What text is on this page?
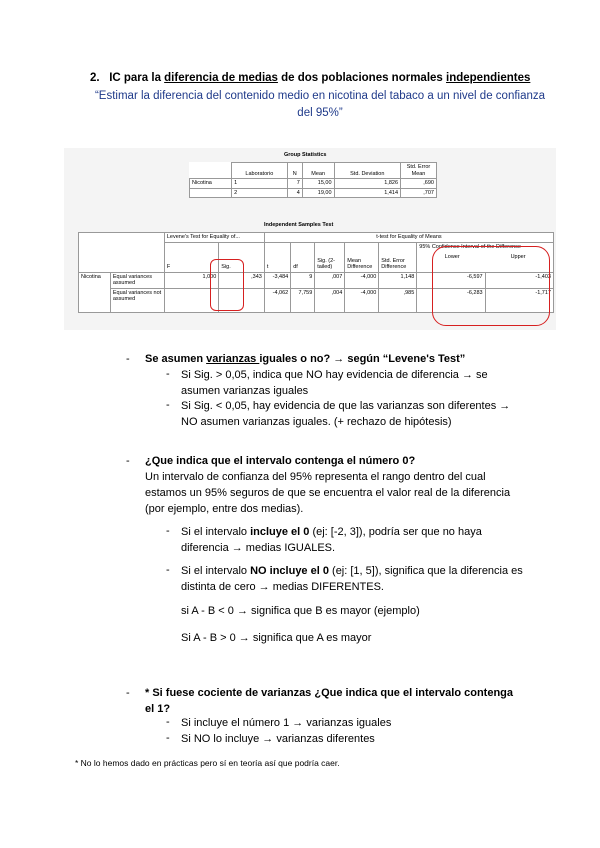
2. IC para la diferencia de medias de dos poblaciones normales independientes
“Estimar la diferencia del contenido medio en nicotina del tabaco a un nivel de confianza del 95%”
Group Statistics
	Laboratorio	N	Mean	Std. Deviation	Std. Error Mean
Nicotina	1	7	15,00	1,826	,690
	2	4	19,00	1,414	,707
Independent Samples Test
		Levene's Test for Equality of...		t-test for Equality of Means						
		F	Sig.	t	df	Sig. (2-tailed)	Mean Difference	Std. Error Difference	95% Confidence Interval of the Difference
Lower Upper	

Nicotina	Equal variances assumed	1,000	,343	-3,484	9	,007	-4,000	1,148	-6,597	-1,403
	Equal variances not assumed			-4,062	7,759	,004	-4,000	,985	-6,283	-1,717
- Se asumen varianzas iguales o no? → según “Levene's Test”
- Si Sig. > 0,05, indica que NO hay evidencia de diferencia → se asumen varianzas iguales
- Si Sig. < 0,05, hay evidencia de que las varianzas son diferentes → NO asumen varianzas iguales. (+ rechazo de hipótesis)
- ¿Que indica que el intervalo contenga el número 0?
Un intervalo de confianza del 95% representa el rango dentro del cual estamos un 95% seguros de que se encuentra el valor real de la diferencia (por ejemplo, entre dos medias).
- Si el intervalo incluye el 0 (ej: [-2, 3]), podría ser que no haya diferencia → medias IGUALES.
- Si el intervalo NO incluye el 0 (ej: [1, 5]), significa que la diferencia es distinta de cero → medias DIFERENTES.
si A - B < 0 → significa que B es mayor (ejemplo)
Si A - B > 0 → significa que A es mayor
- * Si fuese cociente de varianzas ¿Que indica que el intervalo contenga el 1?
- Si incluye el número 1 → varianzas iguales
- Si NO lo incluye → varianzas diferentes
* No lo hemos dado en prácticas pero sí en teoría así que podría caer.
